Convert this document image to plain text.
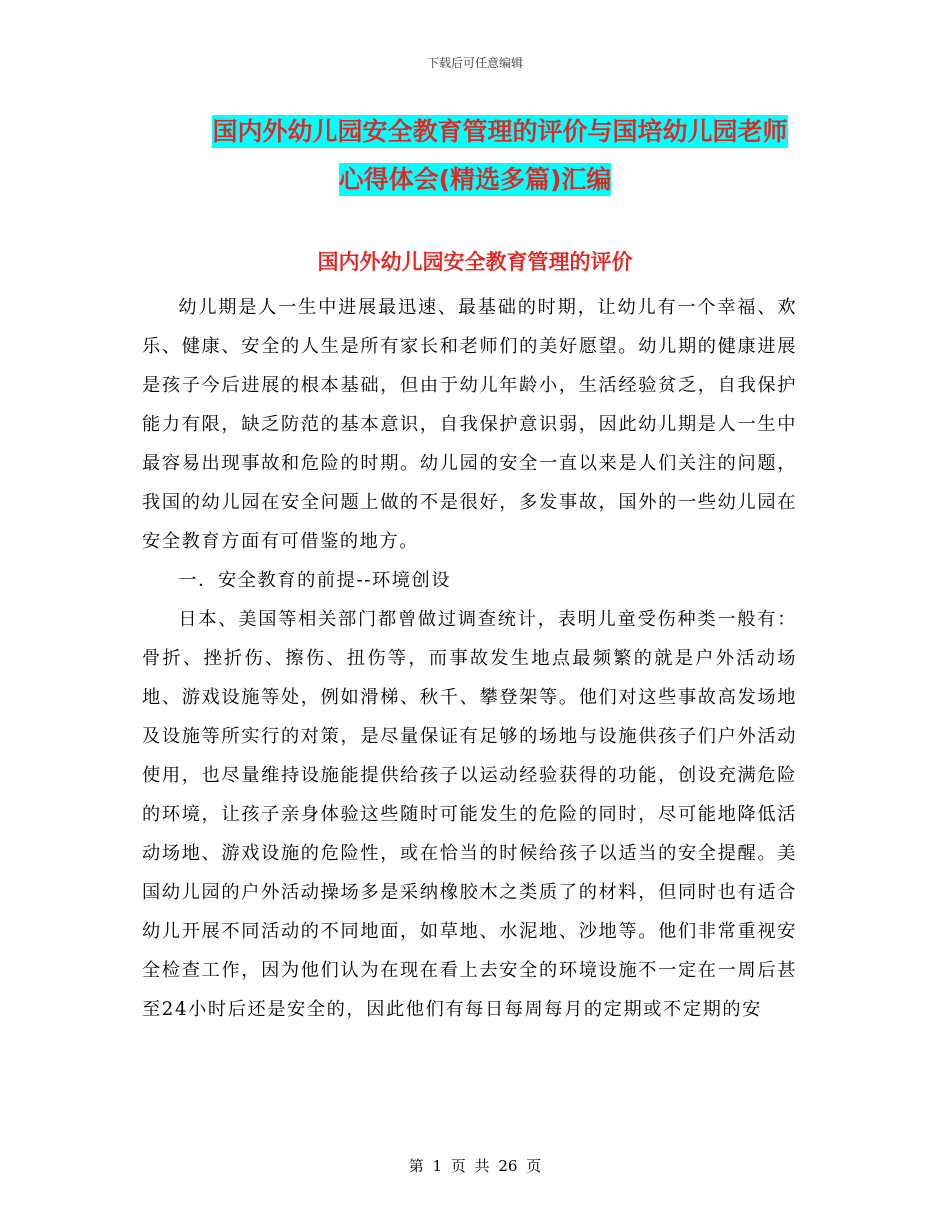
下载后可任意编辑
国内外幼儿园安全教育管理的评价与国培幼儿园老师
心得体会(精选多篇)汇编
国内外幼儿园安全教育管理的评价

幼儿期是人一生中进展最迅速、最基础的时期，让幼儿有一个幸福、欢乐、健康、安全的人生是所有家长和老师们的美好愿望。幼儿期的健康进展是孩子今后进展的根本基础，但由于幼儿年龄小，生活经验贫乏，自我保护能力有限，缺乏防范的基本意识，自我保护意识弱，因此幼儿期是人一生中最容易出现事故和危险的时期。幼儿园的安全一直以来是人们关注的问题，我国的幼儿园在安全问题上做的不是很好，多发事故，国外的一些幼儿园在安全教育方面有可借鉴的地方。

一．安全教育的前提--环境创设

日本、美国等相关部门都曾做过调查统计，表明儿童受伤种类一般有：骨折、挫折伤、擦伤、扭伤等，而事故发生地点最频繁的就是户外活动场地、游戏设施等处，例如滑梯、秋千、攀登架等。他们对这些事故高发场地及设施等所实行的对策，是尽量保证有足够的场地与设施供孩子们户外活动使用，也尽量维持设施能提供给孩子以运动经验获得的功能，创设充满危险的环境，让孩子亲身体验这些随时可能发生的危险的同时，尽可能地降低活动场地、游戏设施的危险性，或在恰当的时候给孩子以适当的安全提醒。美国幼儿园的户外活动操场多是采纳橡胶木之类质了的材料，但同时也有适合幼儿开展不同活动的不同地面，如草地、水泥地、沙地等。他们非常重视安全检查工作，因为他们认为在现在看上去安全的环境设施不一定在一周后甚至24小时后还是安全的，因此他们有每日每周每月的定期或不定期的安

第 1 页 共 26 页
